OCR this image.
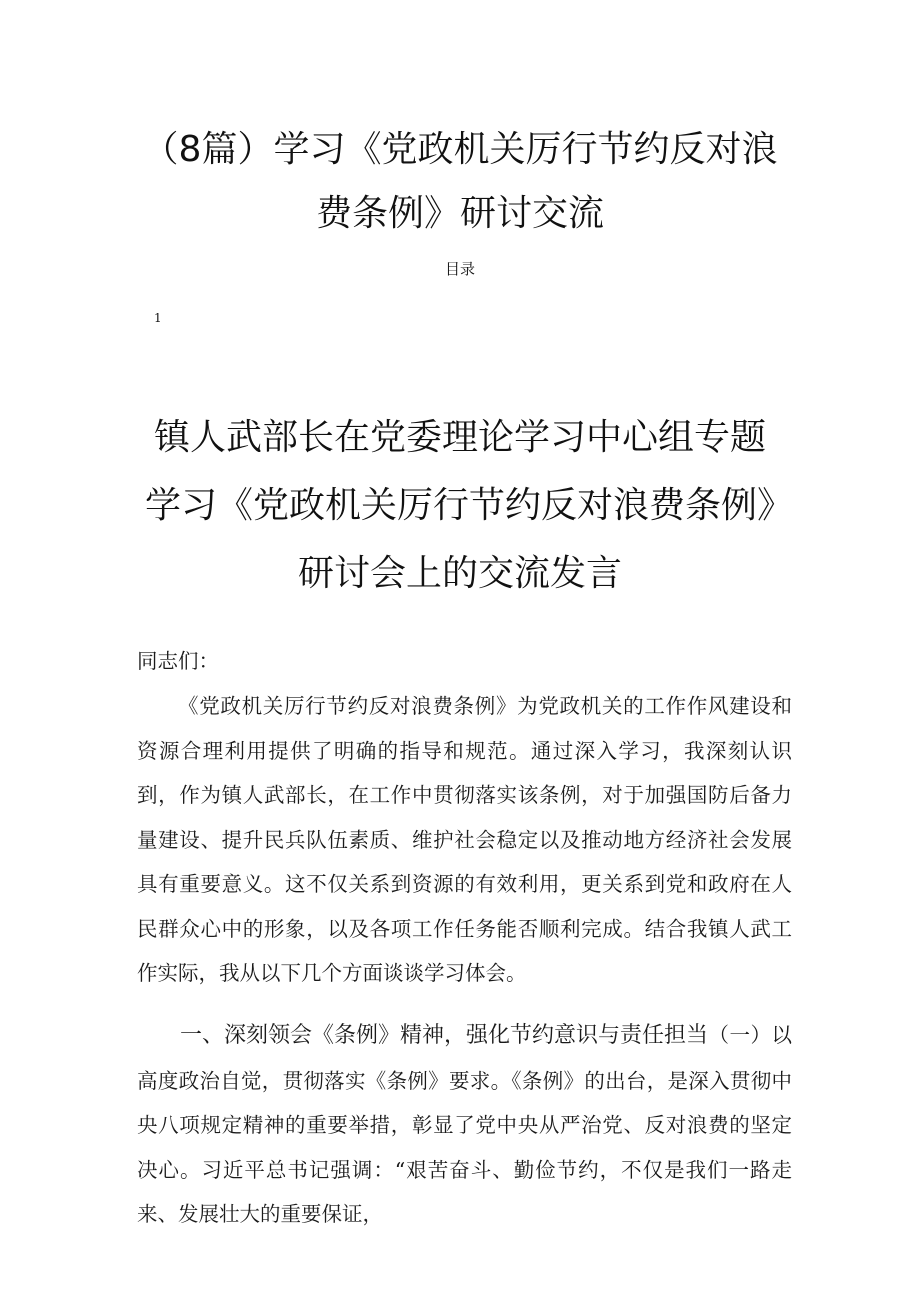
（8篇）学习《党政机关厉行节约反对浪费条例》研讨交流
目录
1
镇人武部长在党委理论学习中心组专题学习《党政机关厉行节约反对浪费条例》研讨会上的交流发言
同志们：

《党政机关厉行节约反对浪费条例》为党政机关的工作作风建设和资源合理利用提供了明确的指导和规范。通过深入学习，我深刻认识到，作为镇人武部长，在工作中贯彻落实该条例，对于加强国防后备力量建设、提升民兵队伍素质、维护社会稳定以及推动地方经济社会发展具有重要意义。这不仅关系到资源的有效利用，更关系到党和政府在人民群众心中的形象，以及各项工作任务能否顺利完成。结合我镇人武工作实际，我从以下几个方面谈谈学习体会。

一、深刻领会《条例》精神，强化节约意识与责任担当（一）以高度政治自觉，贯彻落实《条例》要求。《条例》的出台，是深入贯彻中央八项规定精神的重要举措，彰显了党中央从严治党、反对浪费的坚定决心。习近平总书记强调：“艰苦奋斗、勤俭节约，不仅是我们一路走来、发展壮大的重要保证，
